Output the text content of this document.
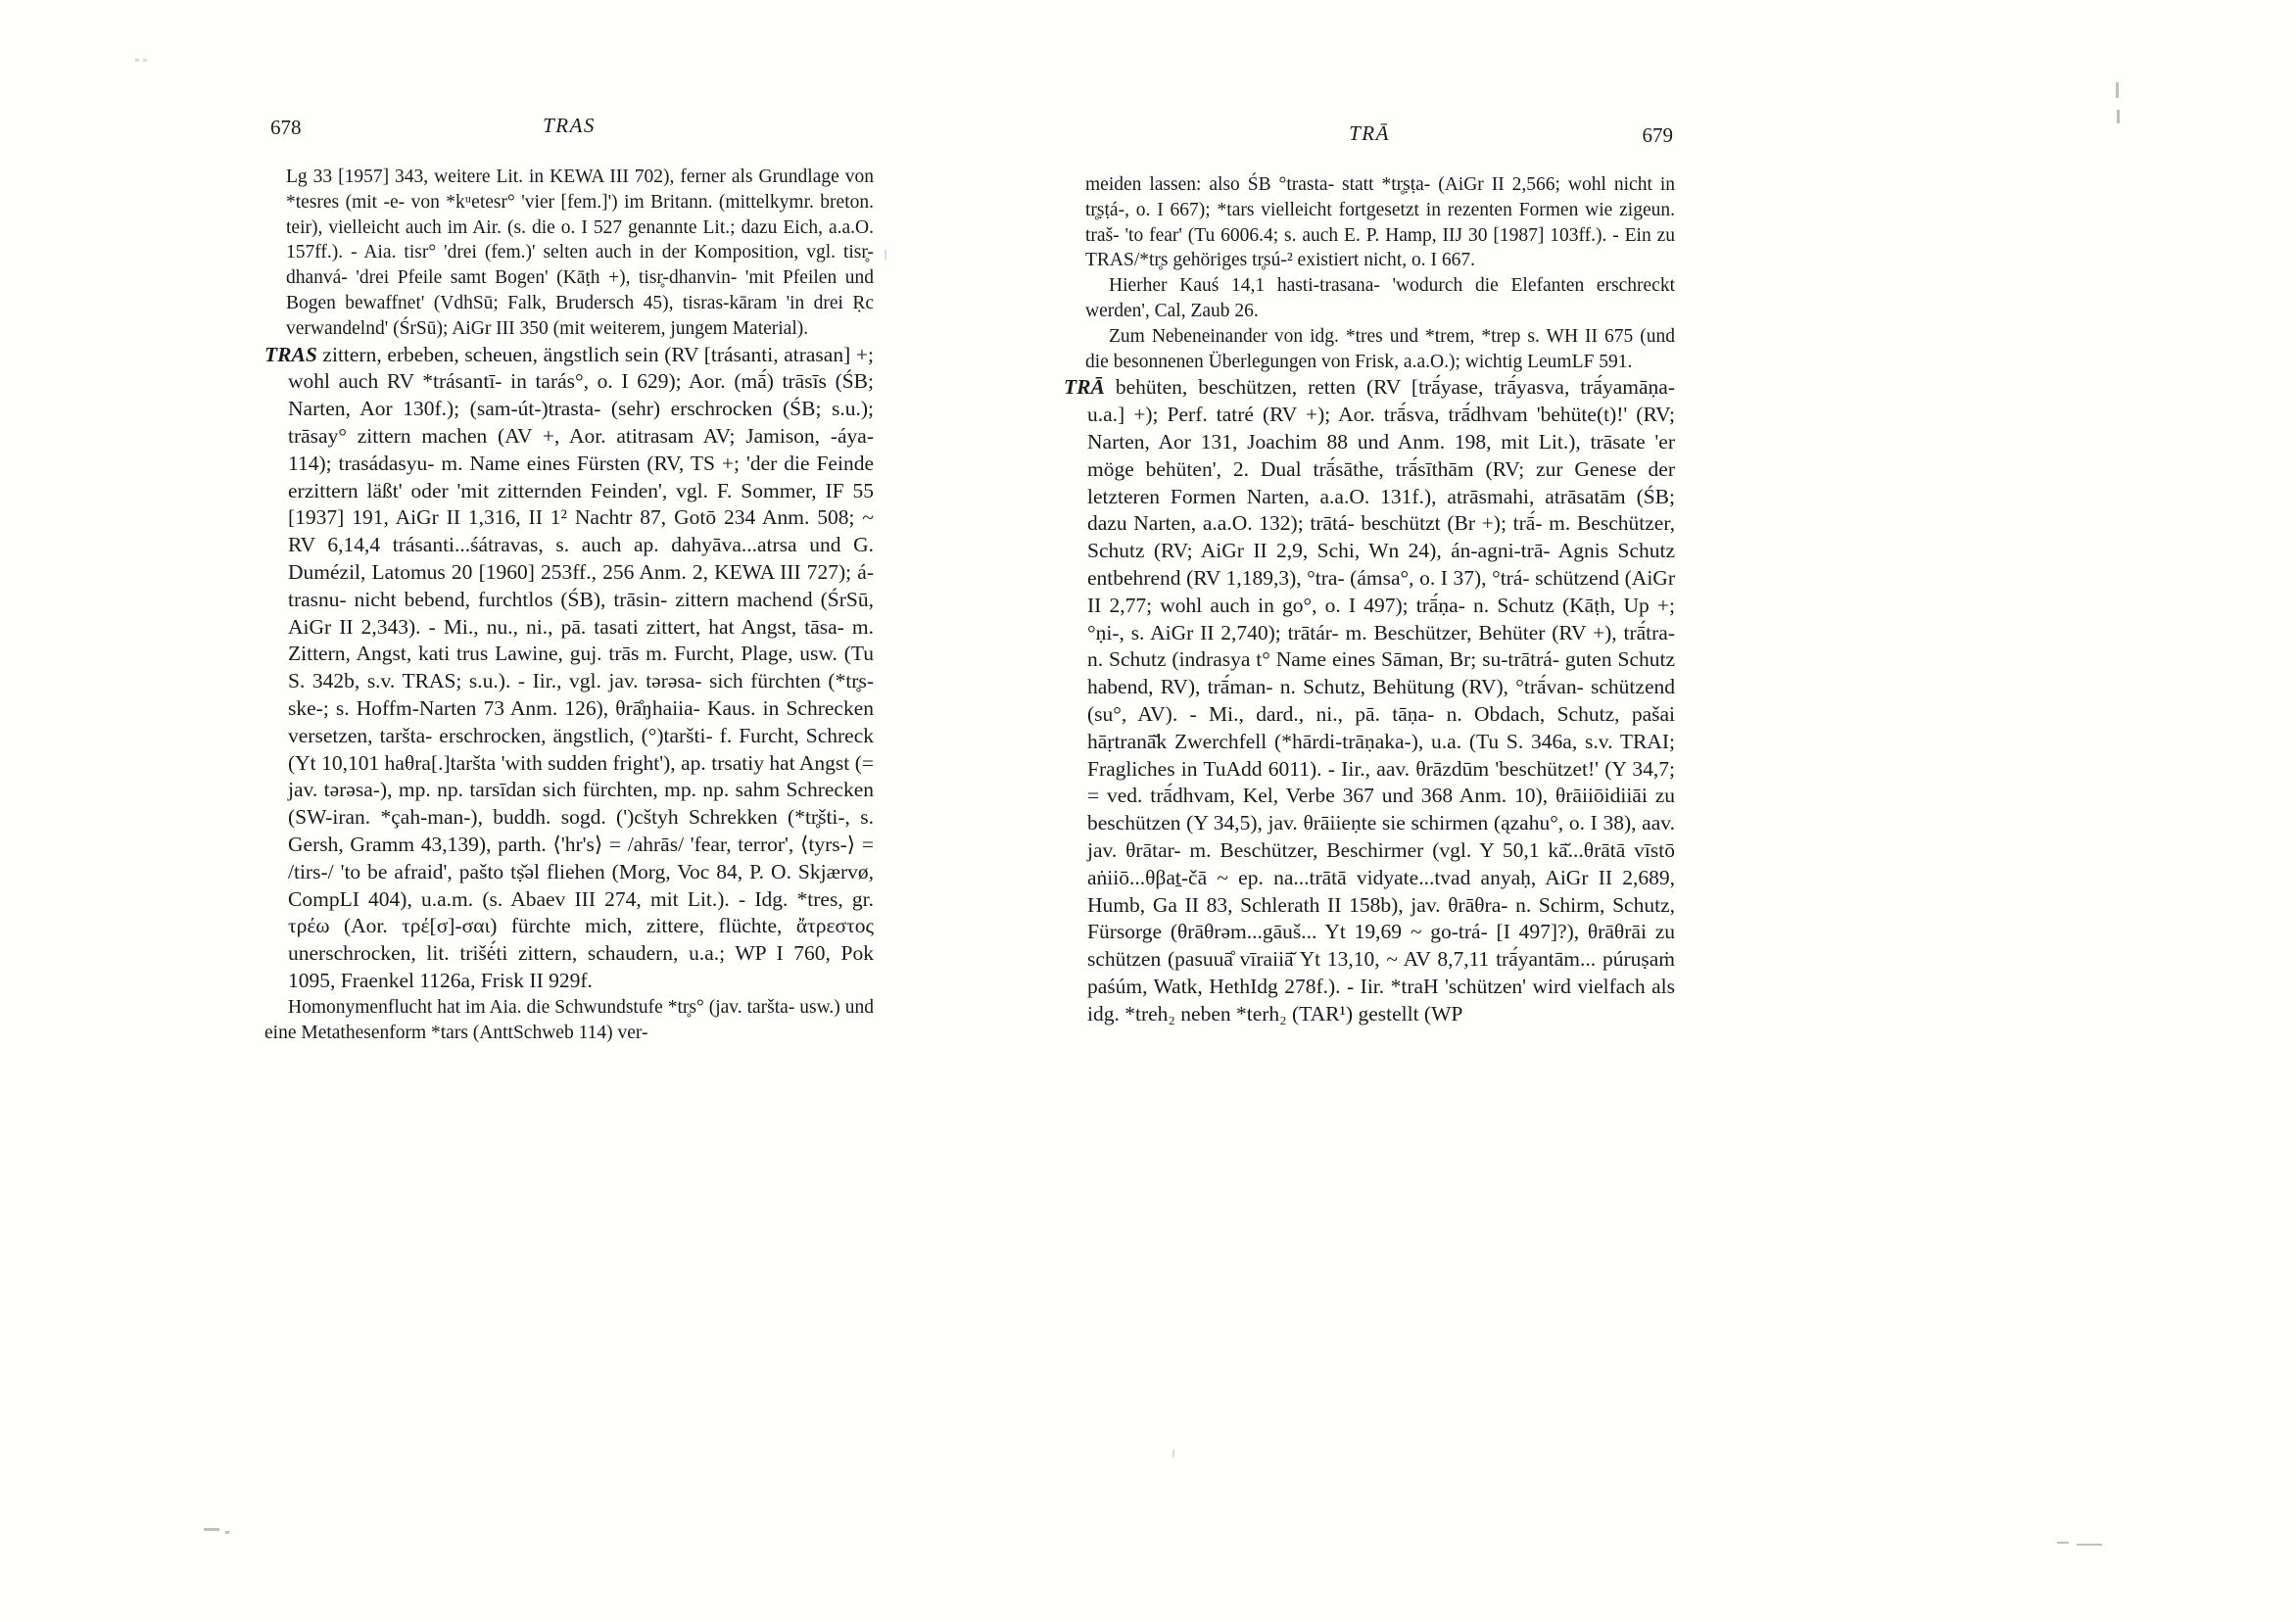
678	TRAS

Lg 33 [1957] 343, weitere Lit. in KEWA III 702), ferner als Grundlage von *tesres (mit -e- von *kᵘetesr° 'vier [fem.]') im Britann. (mittelkymr. breton. teir), vielleicht auch im Air. (s. die o. I 527 genannte Lit.; dazu Eich, a.a.O. 157ff.). - Aia. tisr° 'drei (fem.)' selten auch in der Komposition, vgl. tisr̥-dhanvá- 'drei Pfeile samt Bogen' (Kāṭh +), tisr̥-dhanvin- 'mit Pfeilen und Bogen bewaffnet' (VdhSū; Falk, Brudersch 45), tisras-kāram 'in drei Ṛc verwandelnd' (ŚrSū); AiGr III 350 (mit weiterem, jungem Material).

TRAS zittern, erbeben, scheuen, ängstlich sein (RV [trásanti, atrasan] +; wohl auch RV *trásantī- in tarás°, o. I 629); Aor. (mā́) trāsīs (ŚB; Narten, Aor 130f.); (sam-út-)trasta- (sehr) erschrocken (ŚB; s.u.); trāsay° zittern machen (AV +, Aor. atitrasam AV; Jamison, -áya- 114); trasádasyu- m. Name eines Fürsten (RV, TS +; 'der die Feinde erzittern läßt' oder 'mit zitternden Feinden', vgl. F. Sommer, IF 55 [1937] 191, AiGr II 1,316, II 1² Nachtr 87, Gotō 234 Anm. 508; ~ RV 6,14,4 trásanti...śátravas, s. auch ap. dahyāva...atrsa und G. Dumézil, Latomus 20 [1960] 253ff., 256 Anm. 2, KEWA III 727); á-trasnu- nicht bebend, furchtlos (ŚB), trāsin- zittern machend (ŚrSū, AiGr II 2,343). - Mi., nu., ni., pā. tasati zittert, hat Angst, tāsa- m. Zittern, Angst, kati trus Lawine, guj. trās m. Furcht, Plage, usw. (Tu S. 342b, s.v. TRAS; s.u.). - Iir., vgl. jav. tərəsa- sich fürchten (*tr̥s-ske-; s. Hoffm-Narten 73 Anm. 126), θrā̊ŋhaiia- Kaus. in Schrecken versetzen, taršta- erschrocken, ängstlich, (°)taršti- f. Furcht, Schreck (Yt 10,101 haθra[.]taršta 'with sudden fright'), ap. trsatiy hat Angst (= jav. tərəsa-), mp. np. tarsīdan sich fürchten, mp. np. sahm Schrecken (SW-iran. *çah-man-), buddh. sogd. (')cštyh Schrekken (*tr̥šti-, s. Gersh, Gramm 43,139), parth. ⟨'hr's⟩ = /ahrās/ 'fear, terror', ⟨tyrs-⟩ = /tirs-/ 'to be afraid', pašto tṣ̌əl fliehen (Morg, Voc 84, P. O. Skjærvø, CompLI 404), u.a.m. (s. Abaev III 274, mit Lit.). - Idg. *tres, gr. τρέω (Aor. τρέ[σ]-σαι) fürchte mich, zittere, flüchte, ἄτρεστος unerschrocken, lit. trišė́ti zittern, schaudern, u.a.; WP I 760, Pok 1095, Fraenkel 1126a, Frisk II 929f.

Homonymenflucht hat im Aia. die Schwundstufe *tr̥s° (jav. taršta- usw.) und eine Metathesenform *tars (AnttSchweb 114) ver-

TRĀ	679

meiden lassen: also ŚB °trasta- statt *tr̥ṣṭa- (AiGr II 2,566; wohl nicht in tr̥ṣṭá-, o. I 667); *tars vielleicht fortgesetzt in rezenten Formen wie zigeun. traš- 'to fear' (Tu 6006.4; s. auch E. P. Hamp, IIJ 30 [1987] 103ff.). - Ein zu TRAS/*tr̥s gehöriges tr̥sú-² existiert nicht, o. I 667.

Hierher Kauś 14,1 hasti-trasana- 'wodurch die Elefanten erschreckt werden', Cal, Zaub 26.

Zum Nebeneinander von idg. *tres und *trem, *trep s. WH II 675 (und die besonnenen Überlegungen von Frisk, a.a.O.); wichtig LeumLF 591.

TRĀ behüten, beschützen, retten (RV [trā́yase, trā́yasva, trā́yamāṇa- u.a.] +); Perf. tatré (RV +); Aor. trā́sva, trā́dhvam 'behüte(t)!' (RV; Narten, Aor 131, Joachim 88 und Anm. 198, mit Lit.), trāsate 'er möge behüten', 2. Dual trā́sāthe, trā́sīthām (RV; zur Genese der letzteren Formen Narten, a.a.O. 131f.), atrāsmahi, atrāsatām (ŚB; dazu Narten, a.a.O. 132); trātá- beschützt (Br +); trā́- m. Beschützer, Schutz (RV; AiGr II 2,9, Schi, Wn 24), án-agni-trā- Agnis Schutz entbehrend (RV 1,189,3), °tra- (ámsa°, o. I 37), °trá- schützend (AiGr II 2,77; wohl auch in go°, o. I 497); trā́ṇa- n. Schutz (Kāṭh, Up +; °ṇi-, s. AiGr II 2,740); trātár- m. Beschützer, Behüter (RV +), trā́tra- n. Schutz (indrasya t° Name eines Sāman, Br; su-trātrá- guten Schutz habend, RV), trā́man- n. Schutz, Behütung (RV), °trā́van- schützend (su°, AV). - Mi., dard., ni., pā. tāṇa- n. Obdach, Schutz, pašai hāṛtranā̆k Zwerchfell (*hārdi-trāṇaka-), u.a. (Tu S. 346a, s.v. TRAI; Fragliches in TuAdd 6011). - Iir., aav. θrāzdūm 'beschützet!' (Y 34,7; = ved. trā́dhvam, Kel, Verbe 367 und 368 Anm. 10), θrāiiōidiiāi zu beschützen (Y 34,5), jav. θrāiieṇte sie schirmen (ązahu°, o. I 38), aav. jav. θrātar- m. Beschützer, Beschirmer (vgl. Y 50,1 kā̆...θrātā vīstō aṅiiō...θβaṯ-čā ~ ep. na...trātā vidyate...tvad anyaḥ, AiGr II 2,689, Humb, Ga II 83, Schlerath II 158b), jav. θrāθra- n. Schirm, Schutz, Fürsorge (θrāθrəm...gāuš... Yt 19,69 ~ go-trá- [I 497]?), θrāθrāi zu schützen (pasuuā̊ vīraiiā̆ Yt 13,10, ~ AV 8,7,11 trā́yantām... púruṣaṁ paśúm, Watk, HethIdg 278f.). - Iir. *traH 'schützen' wird vielfach als idg. *treh₂ neben *terh₂ (TAR¹) gestellt (WP
